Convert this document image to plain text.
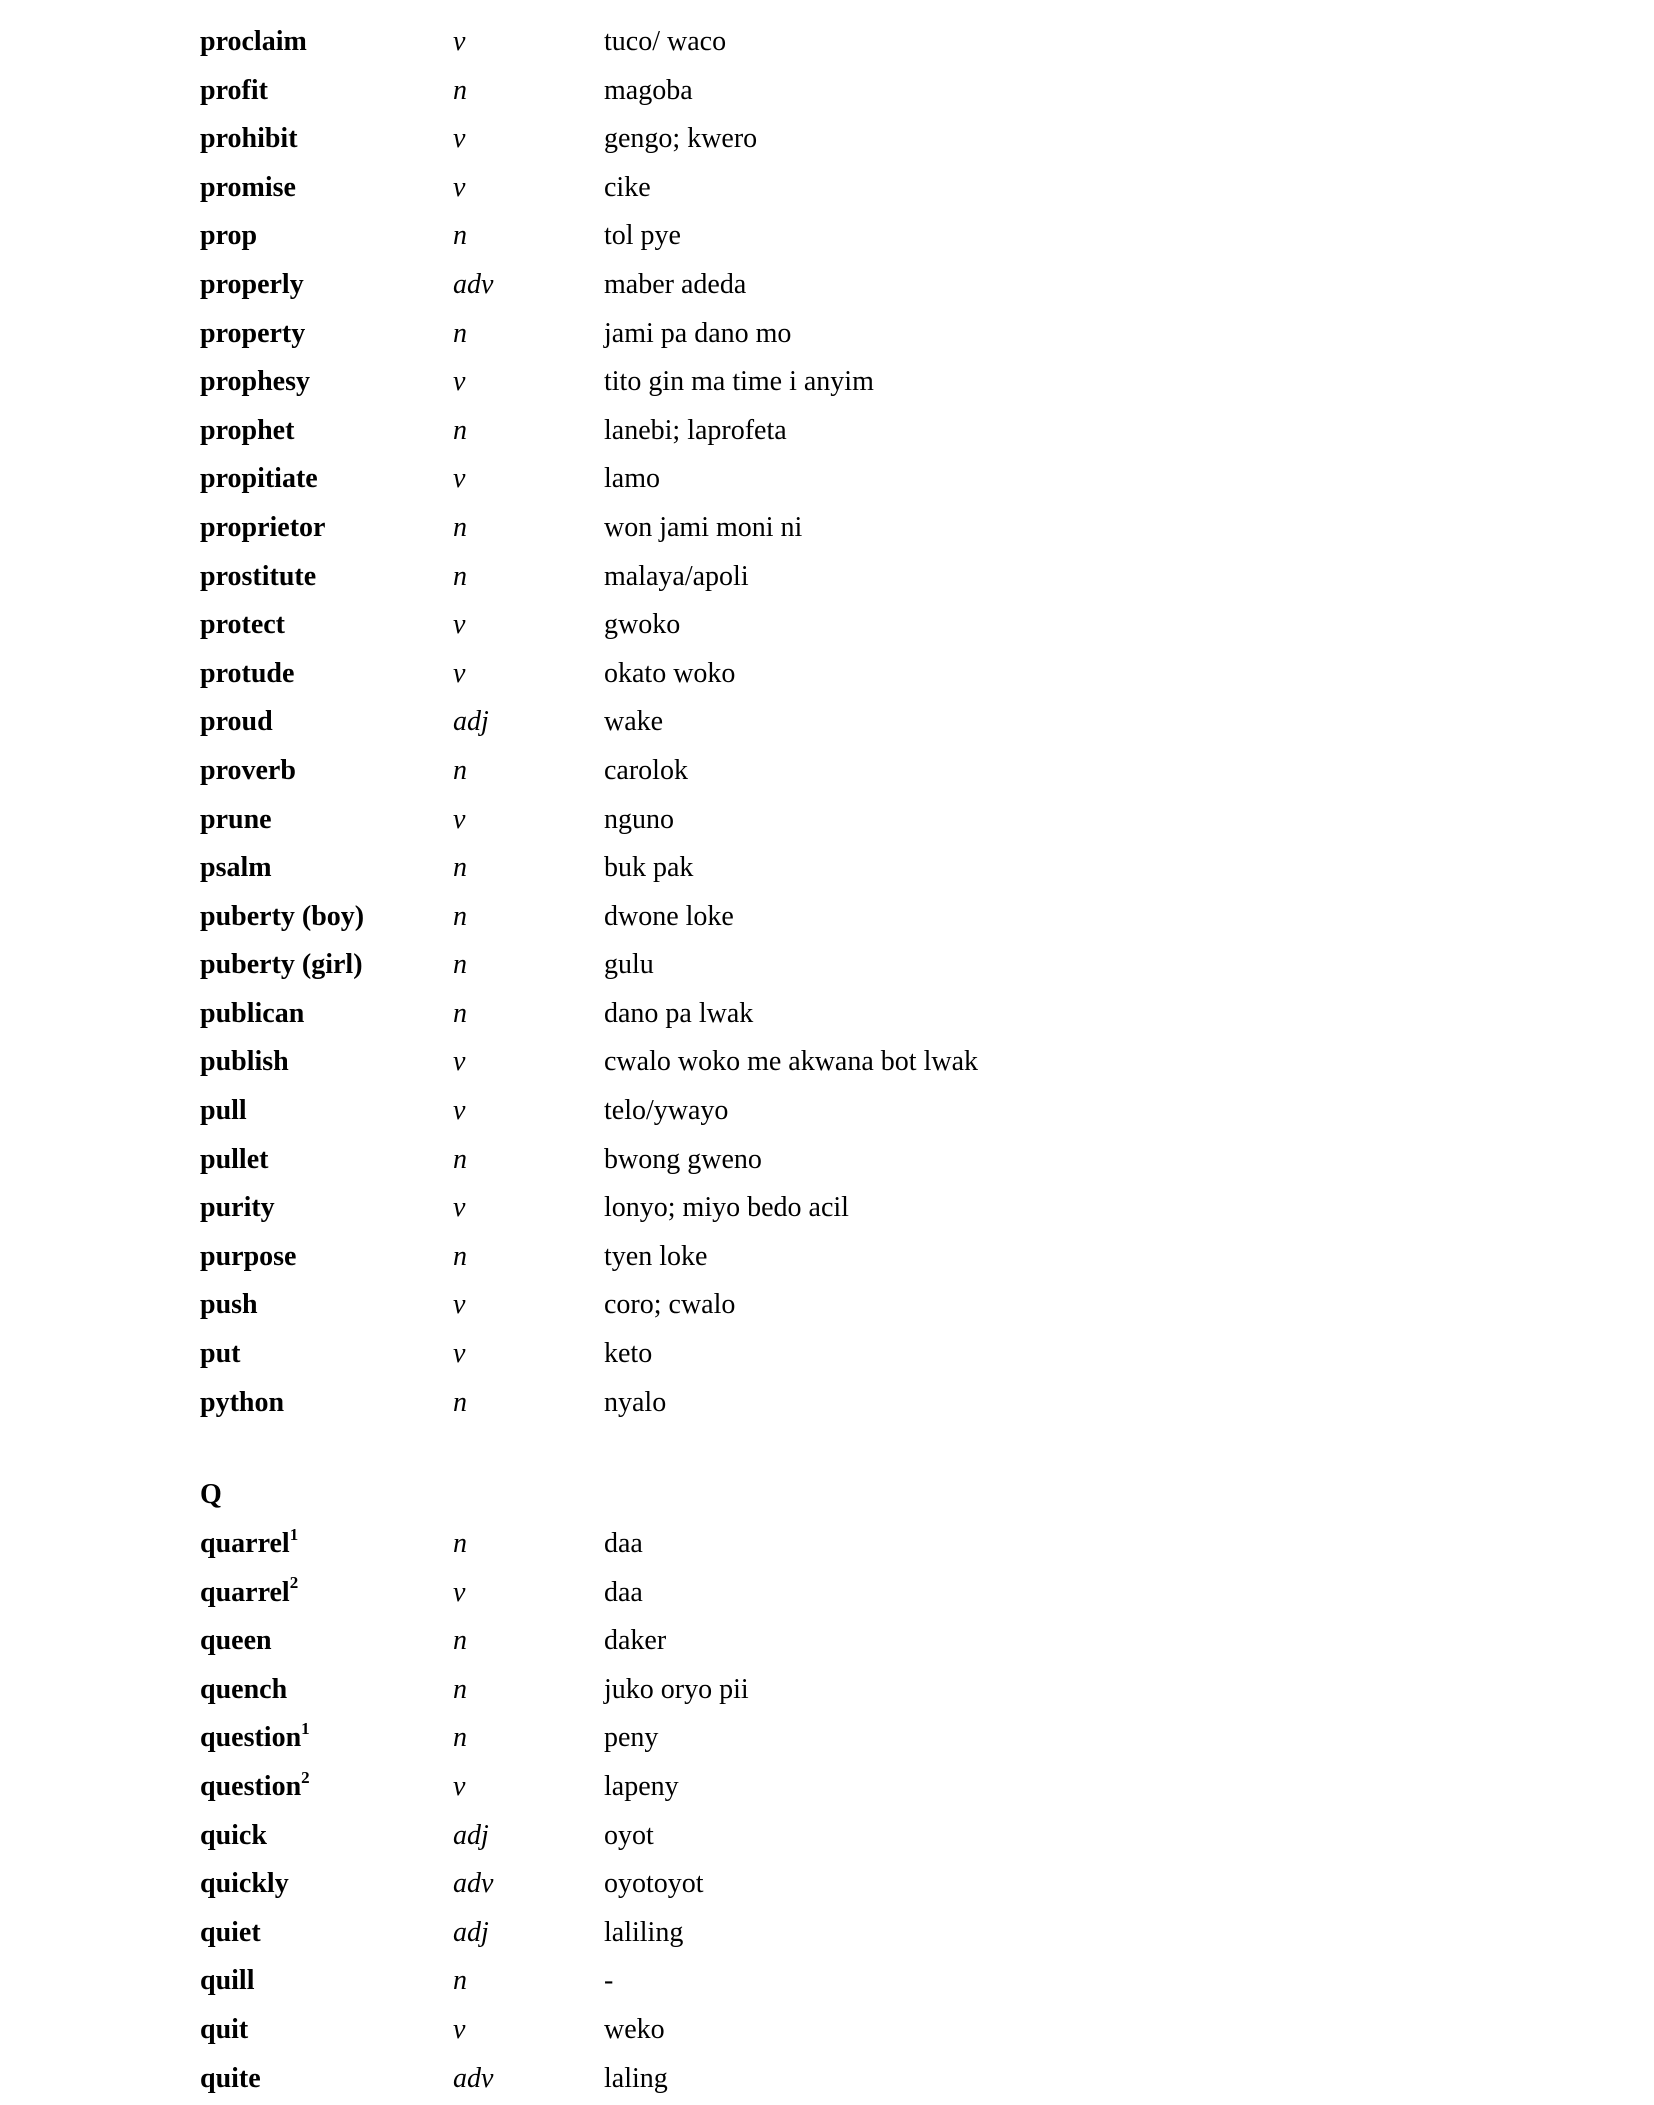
proclaim	v	tuco/ waco
profit	n	magoba
prohibit	v	gengo; kwero
promise	v	cike
prop	n	tol pye
properly	adv	maber adeda
property	n	jami pa dano mo
prophesy	v	tito gin ma time i anyim
prophet	n	lanebi; laprofeta
propitiate	v	lamo
proprietor	n	won jami moni ni
prostitute	n	malaya/apoli
protect	v	gwoko
protude	v	okato woko
proud	adj	wake
proverb	n	carolok
prune	v	nguno
psalm	n	buk pak
puberty (boy)	n	dwone loke
puberty (girl)	n	gulu
publican	n	dano pa lwak
publish	v	cwalo woko me akwana bot lwak
pull	v	telo/ywayo
pullet	n	bwong gweno
purity	v	lonyo; miyo bedo acil
purpose	n	tyen loke
push	v	coro; cwalo
put	v	keto
python	n	nyalo
Q
quarrel$^1$	n	daa
quarrel$^2$	v	daa
queen	n	daker
quench	n	juko oryo pii
question$^1$	n	peny
question$^2$	v	lapeny
quick	adj	oyot
quickly	adv	oyotoyot
quiet	adj	laliling
quill	n	-
quit	v	weko
quite	adv	laling
